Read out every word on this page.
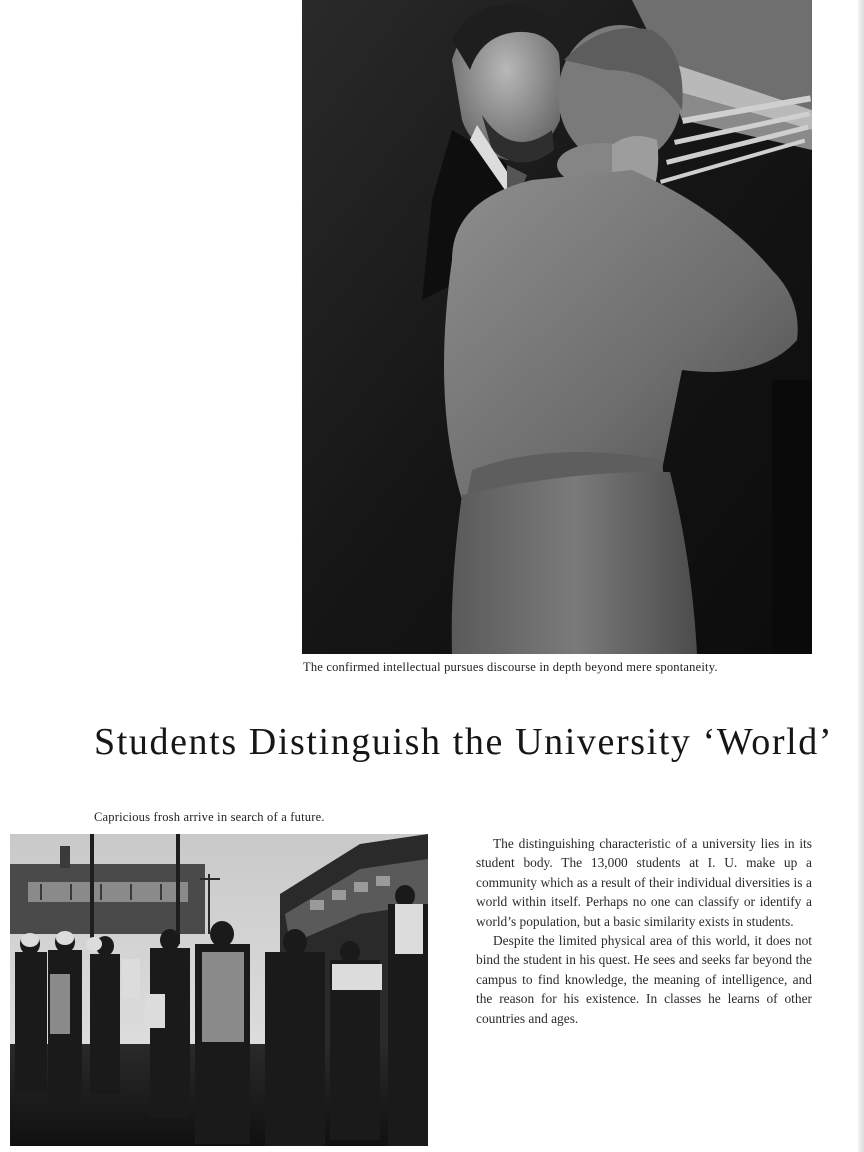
The confirmed intellectual pursues discourse in depth beyond mere spontaneity.
Students Distinguish the University ‘World’
Capricious frosh arrive in search of a future.

The distinguishing characteristic of a university lies in its student body. The 13,000 students at I. U. make up a community which as a result of their individual diversities is a world within itself. Perhaps no one can classify or identify a world’s population, but a basic similarity exists in students.

Despite the limited physical area of this world, it does not bind the student in his quest. He sees and seeks far beyond the campus to find knowledge, the meaning of intelligence, and the reason for his existence. In classes he learns of other countries and ages.
